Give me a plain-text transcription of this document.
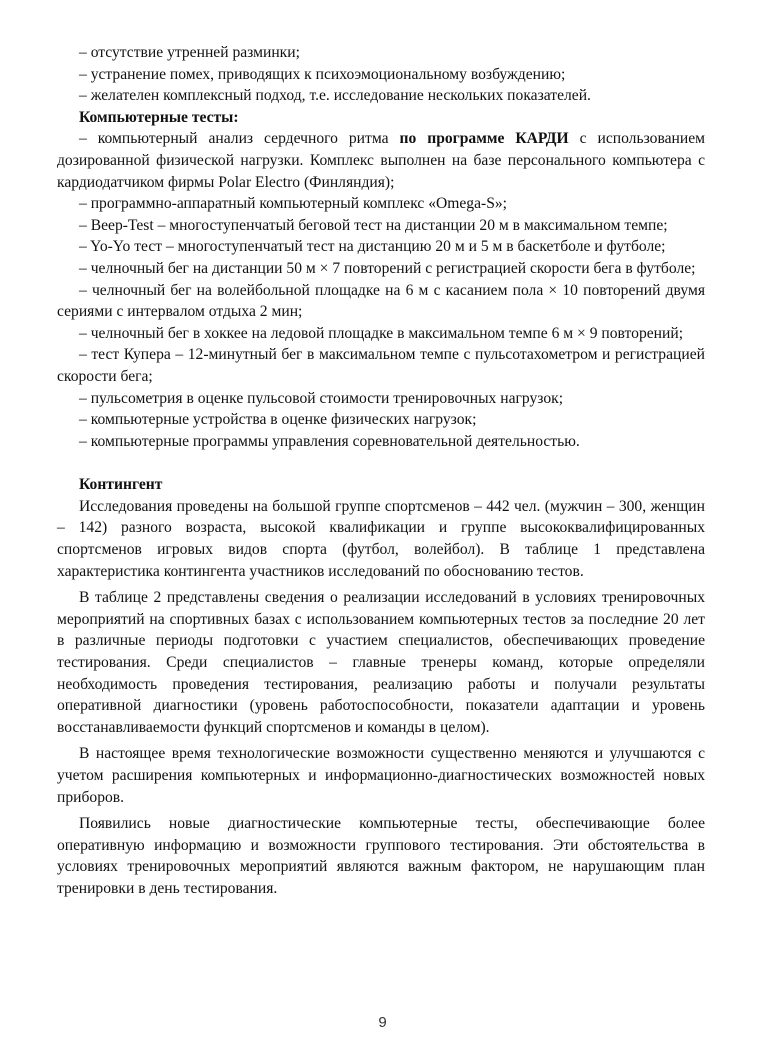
– отсутствие утренней разминки;

– устранение помех, приводящих к психоэмоциональному возбуждению;

– желателен комплексный подход, т.е. исследование нескольких показателей.

Компьютерные тесты:

– компьютерный анализ сердечного ритма по программе КАРДИ с использованием дозированной физической нагрузки. Комплекс выполнен на базе персонального компьютера с кардиодатчиком фирмы Polar Electro (Финляндия);

– программно-аппаратный компьютерный комплекс «Omega-S»;

– Beep-Test – многоступенчатый беговой тест на дистанции 20 м в максимальном темпе;

– Yo-Yo тест – многоступенчатый тест на дистанцию 20 м и 5 м в баскетболе и футболе;

– челночный бег на дистанции 50 м × 7 повторений с регистрацией скорости бега в футболе;

– челночный бег на волейбольной площадке на 6 м с касанием пола × 10 повторений двумя сериями с интервалом отдыха 2 мин;

– челночный бег в хоккее на ледовой площадке в максимальном темпе 6 м × 9 повторений;

– тест Купера – 12-минутный бег в максимальном темпе с пульсотахометром и регистрацией скорости бега;

– пульсометрия в оценке пульсовой стоимости тренировочных нагрузок;

– компьютерные устройства в оценке физических нагрузок;

– компьютерные программы управления соревновательной деятельностью.

Контингент

Исследования проведены на большой группе спортсменов – 442 чел. (мужчин – 300, женщин – 142) разного возраста, высокой квалификации и группе высококвалифицированных спортсменов игровых видов спорта (футбол, волейбол). В таблице 1 представлена характеристика контингента участников исследований по обоснованию тестов.

В таблице 2 представлены сведения о реализации исследований в условиях тренировочных мероприятий на спортивных базах с использованием компьютерных тестов за последние 20 лет в различные периоды подготовки с участием специалистов, обеспечивающих проведение тестирования. Среди специалистов – главные тренеры команд, которые определяли необходимость проведения тестирования, реализацию работы и получали результаты оперативной диагностики (уровень работоспособности, показатели адаптации и уровень восстанавливаемости функций спортсменов и команды в целом).

В настоящее время технологические возможности существенно меняются и улучшаются с учетом расширения компьютерных и информационно-диагностических возможностей новых приборов.

Появились новые диагностические компьютерные тесты, обеспечивающие более оперативную информацию и возможности группового тестирования. Эти обстоятельства в условиях тренировочных мероприятий являются важным фактором, не нарушающим план тренировки в день тестирования.

9
